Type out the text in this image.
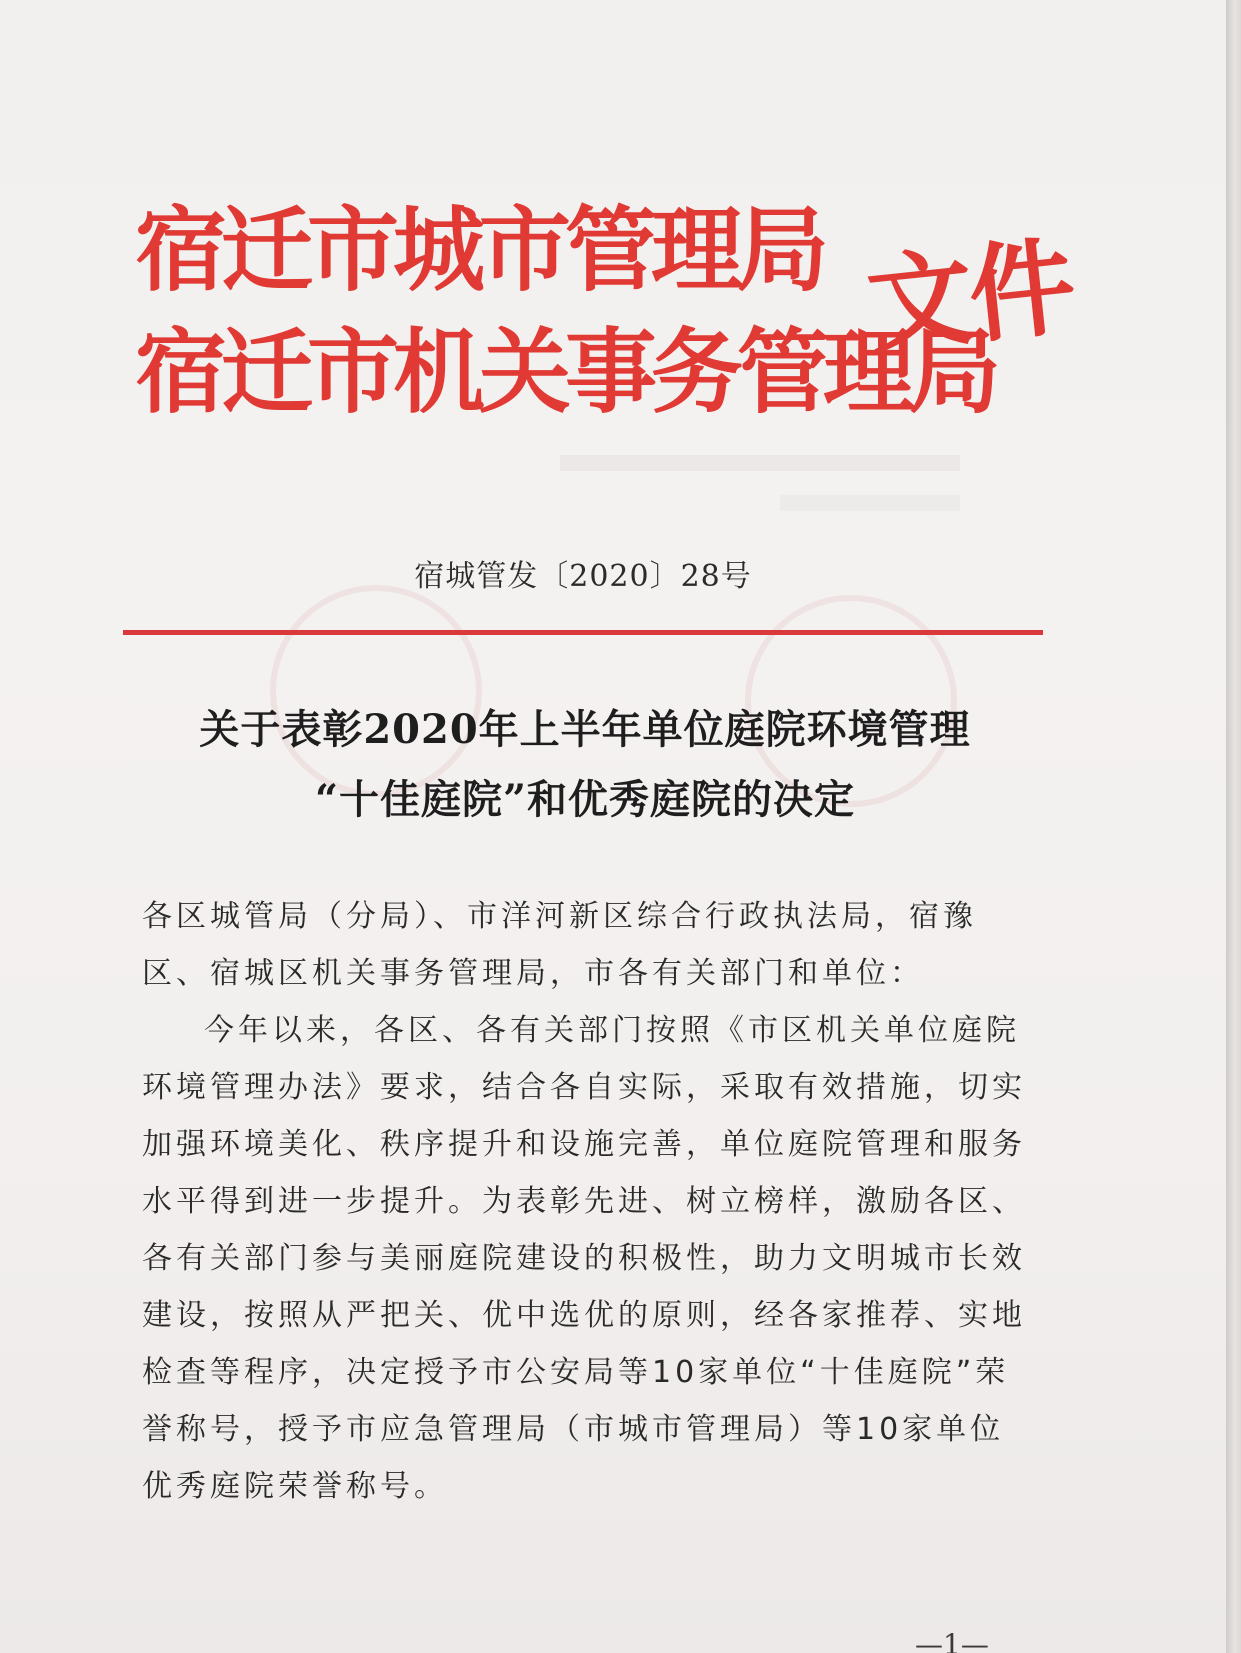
宿迁市城市管理局
宿迁市机关事务管理局
文件
宿城管发〔2020〕28号
关于表彰2020年上半年单位庭院环境管理
“十佳庭院”和优秀庭院的决定
各区城管局（分局）、市洋河新区综合行政执法局，宿豫区、宿城区机关事务管理局，市各有关部门和单位：
今年以来，各区、各有关部门按照《市区机关单位庭院环境管理办法》要求，结合各自实际，采取有效措施，切实加强环境美化、秩序提升和设施完善，单位庭院管理和服务水平得到进一步提升。为表彰先进、树立榜样，激励各区、各有关部门参与美丽庭院建设的积极性，助力文明城市长效建设，按照从严把关、优中选优的原则，经各家推荐、实地检查等程序，决定授予市公安局等10家单位“十佳庭院”荣誉称号，授予市应急管理局（市城市管理局）等10家单位优秀庭院荣誉称号。
—1—
